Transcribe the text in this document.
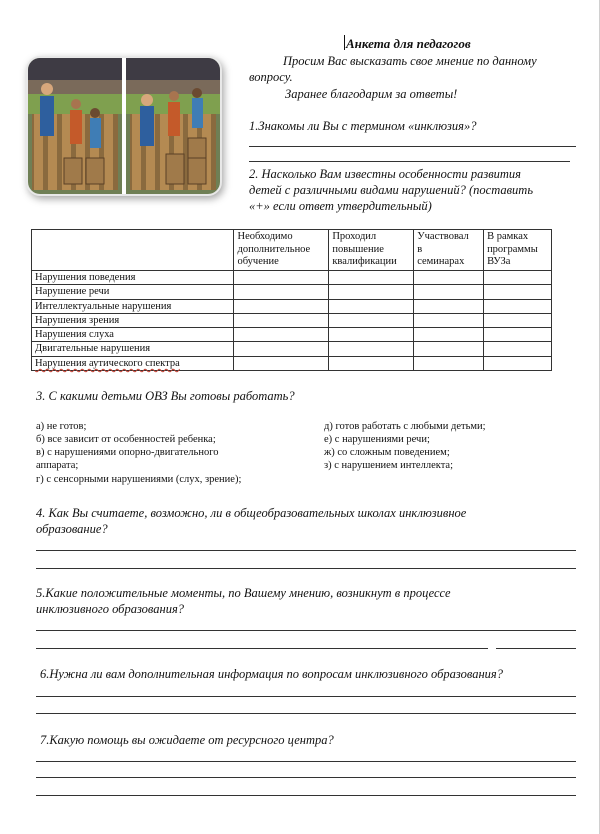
Анкета для педагогов
Просим Вас высказать свое мнение по данному
вопросу.
Заранее благодарим за ответы!
1.Знакомы ли Вы с термином «инклюзия»?
2. Насколько Вам известны особенности развития
детей с различными видами нарушений? (поставить
«+» если ответ утвердительный)
	Необходимо
дополнительное
обучение	Проходил
повышение
квалификации	Участвовал
в
семинарах	В рамках
программы
ВУЗа
Нарушения поведения				
Нарушение речи				
Интеллектуальные нарушения				
Нарушения зрения				
Нарушения слуха				
Двигательные нарушения				
Нарушения аутического спектра				
3. С какими детьми ОВЗ Вы готовы работать?
а) не готов;
б) все зависит от особенностей ребенка;
в) с нарушениями опорно-двигательного
аппарата;
г) с сенсорными нарушениями (слух, зрение);
д) готов работать с любыми детьми;
е) с нарушениями речи;
ж) со сложным поведением;
з) с нарушением интеллекта;
4. Как Вы считаете, возможно, ли в общеобразовательных школах инклюзивное
образование?
5.Какие положительные моменты, по Вашему мнению, возникнут в процессе
инклюзивного образования?
6.Нужна ли вам дополнительная информация по вопросам инклюзивного образования?
7.Какую помощь вы ожидаете от ресурсного центра?
